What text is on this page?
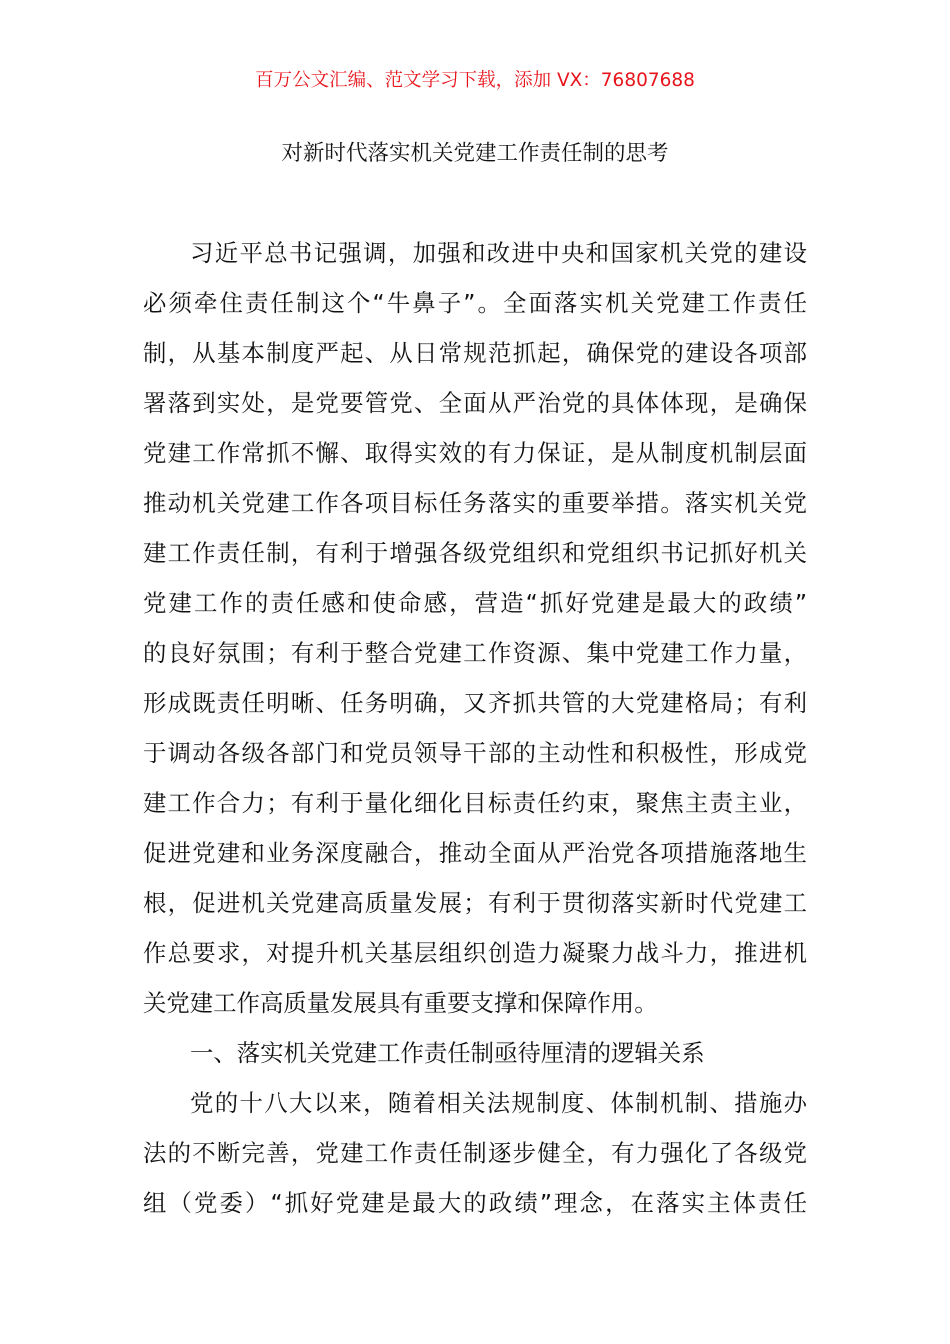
百万公文汇编、范文学习下载，添加 VX：76807688
对新时代落实机关党建工作责任制的思考
习近平总书记强调，加强和改进中央和国家机关党的建设
必须牵住责任制这个“牛鼻子”。全面落实机关党建工作责任
制，从基本制度严起、从日常规范抓起，确保党的建设各项部
署落到实处，是党要管党、全面从严治党的具体体现，是确保
党建工作常抓不懈、取得实效的有力保证，是从制度机制层面
推动机关党建工作各项目标任务落实的重要举措。落实机关党
建工作责任制，有利于增强各级党组织和党组织书记抓好机关
党建工作的责任感和使命感，营造“抓好党建是最大的政绩”
的良好氛围；有利于整合党建工作资源、集中党建工作力量，
形成既责任明晰、任务明确，又齐抓共管的大党建格局；有利
于调动各级各部门和党员领导干部的主动性和积极性，形成党
建工作合力；有利于量化细化目标责任约束，聚焦主责主业，
促进党建和业务深度融合，推动全面从严治党各项措施落地生
根，促进机关党建高质量发展；有利于贯彻落实新时代党建工
作总要求，对提升机关基层组织创造力凝聚力战斗力，推进机
关党建工作高质量发展具有重要支撑和保障作用。
一、落实机关党建工作责任制亟待厘清的逻辑关系
党的十八大以来，随着相关法规制度、体制机制、措施办
法的不断完善，党建工作责任制逐步健全，有力强化了各级党
组（党委）“抓好党建是最大的政绩”理念，在落实主体责任
